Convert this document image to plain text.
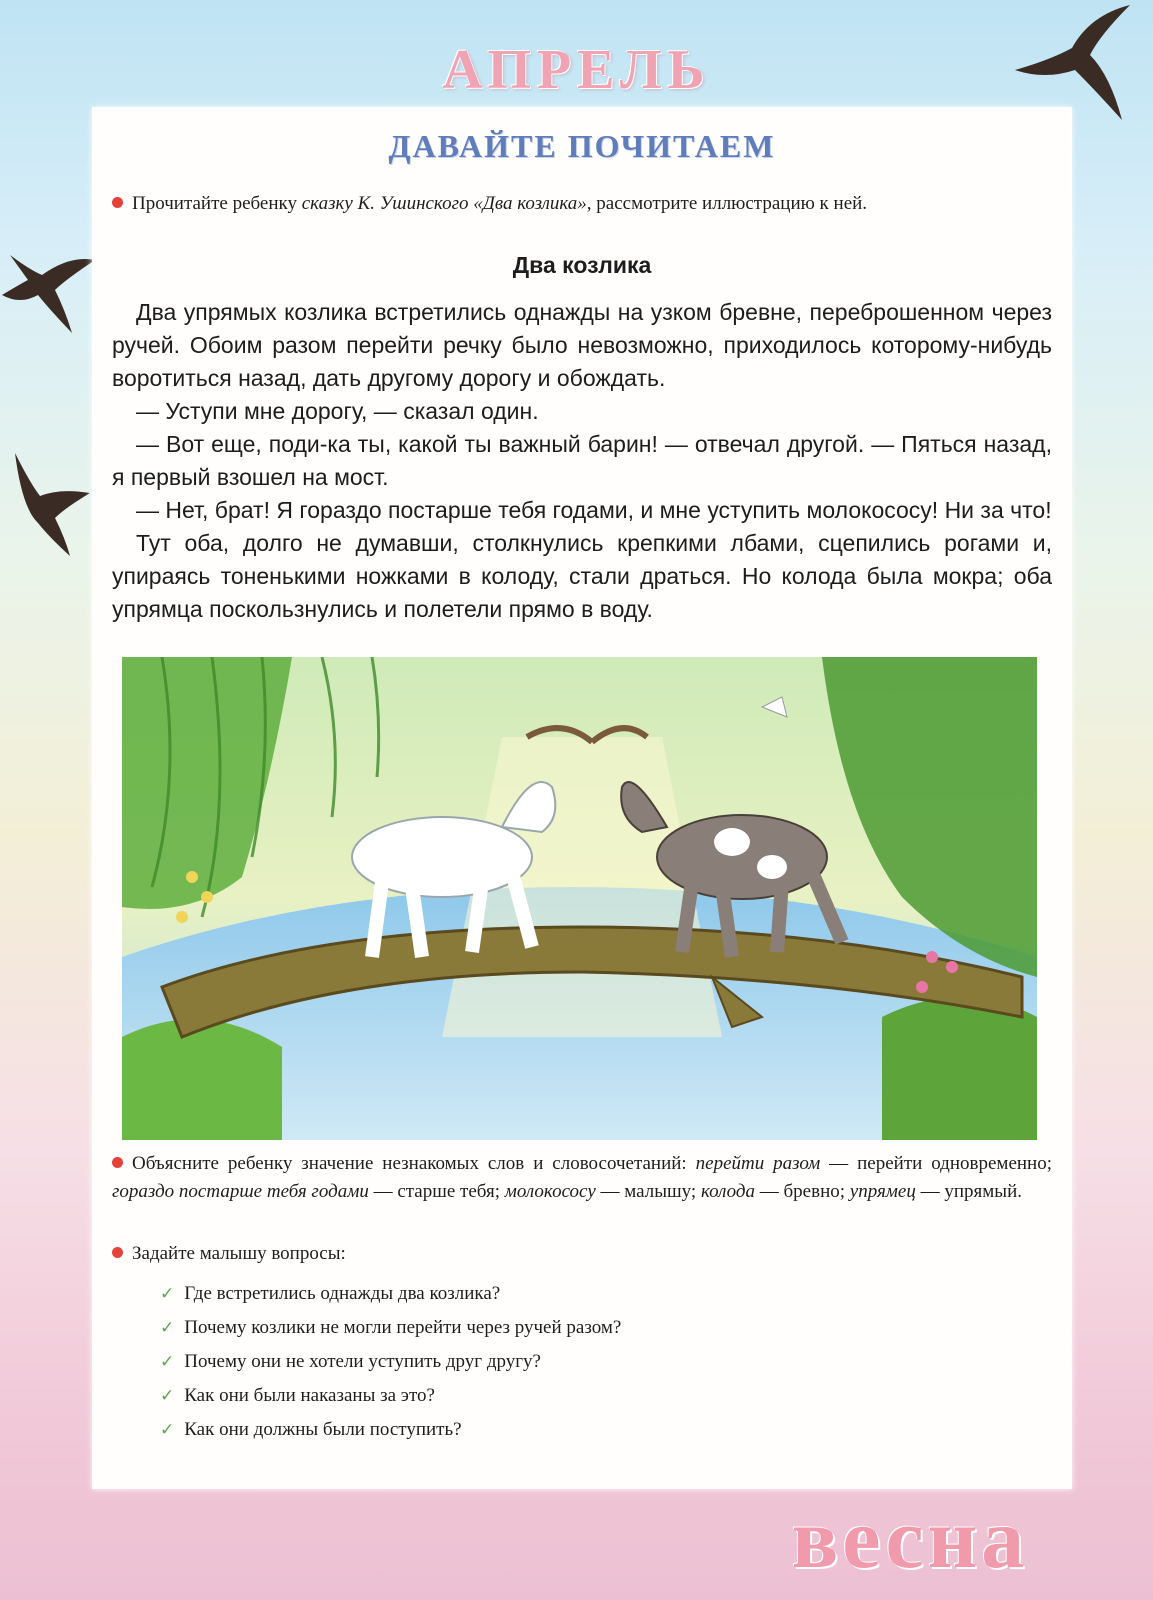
АПРЕЛЬ
ДАВАЙТЕ ПОЧИТАЕМ
Прочитайте ребенку сказку К. Ушинского «Два козлика», рассмотрите иллюстрацию к ней.
Два козлика

Два упрямых козлика встретились однажды на узком бревне, переброшенном через ручей. Обоим разом перейти речку было невозможно, приходилось которому-нибудь воротиться назад, дать другому дорогу и обождать.

— Уступи мне дорогу, — сказал один.

— Вот еще, поди-ка ты, какой ты важный барин! — отвечал другой. — Пяться назад, я первый взошел на мост.

— Нет, брат! Я гораздо постарше тебя годами, и мне уступить молокососу! Ни за что!

Тут оба, долго не думавши, столкнулись крепкими лбами, сцепились рогами и, упираясь тоненькими ножками в колоду, стали драться. Но колода была мокра; оба упрямца поскользнулись и полетели прямо в воду.

Объясните ребенку значение незнакомых слов и словосочетаний: перейти разом — перейти одновременно; гораздо постарше тебя годами — старше тебя; молокососу — малышу; колода — бревно; упрямец — упрямый.
Задайте малышу вопросы:
✓ Где встретились однажды два козлика?
✓ Почему козлики не могли перейти через ручей разом?
✓ Почему они не хотели уступить друг другу?
✓ Как они были наказаны за это?
✓ Как они должны были поступить?
весна
